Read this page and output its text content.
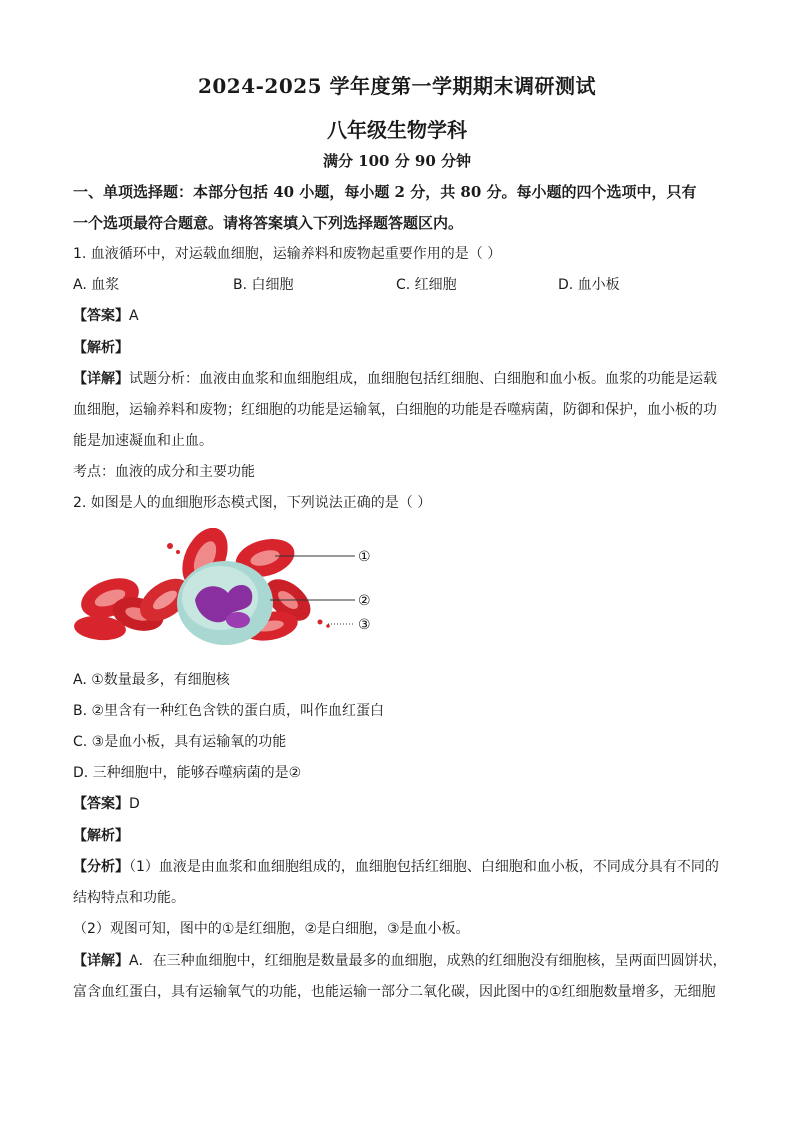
2024-2025 学年度第一学期期末调研测试
八年级生物学科
满分 100 分 90 分钟
一、单项选择题：本部分包括 40 小题，每小题 2 分，共 80 分。每小题的四个选项中，只有
一个选项最符合题意。请将答案填入下列选择题答题区内。
1. 血液循环中，对运载血细胞，运输养料和废物起重要作用的是（ ）
A. 血浆	B. 白细胞	C. 红细胞	D. 血小板
【答案】A
【解析】
【详解】试题分析：血液由血浆和血细胞组成，血细胞包括红细胞、白细胞和血小板。血浆的功能是运载
血细胞，运输养料和废物；红细胞的功能是运输氧，白细胞的功能是吞噬病菌，防御和保护，血小板的功
能是加速凝血和止血。
考点：血液的成分和主要功能
2. 如图是人的血细胞形态模式图，下列说法正确的是（ ）
①
②
③
A. ①数量最多，有细胞核
B. ②里含有一种红色含铁的蛋白质，叫作血红蛋白
C. ③是血小板，具有运输氧的功能
D. 三种细胞中，能够吞噬病菌的是②
【答案】D
【解析】
【分析】（1）血液是由血浆和血细胞组成的，血细胞包括红细胞、白细胞和血小板，不同成分具有不同的
结构特点和功能。
（2）观图可知，图中的①是红细胞，②是白细胞，③是血小板。
【详解】A．在三种血细胞中，红细胞是数量最多的血细胞，成熟的红细胞没有细胞核，呈两面凹圆饼状，
富含血红蛋白，具有运输氧气的功能，也能运输一部分二氧化碳，因此图中的①红细胞数量增多，无细胞
